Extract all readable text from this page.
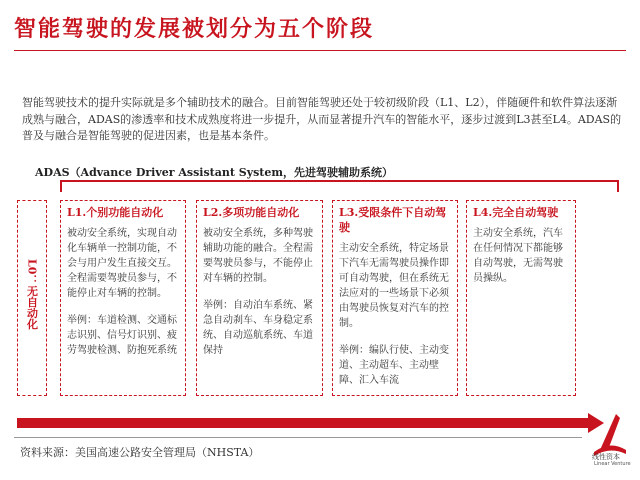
智能驾驶的发展被划分为五个阶段
智能驾驶技术的提升实际就是多个辅助技术的融合。目前智能驾驶还处于较初级阶段（L1、L2），伴随硬件和软件算法逐渐成熟与融合，ADAS的渗透率和技术成熟度将进一步提升，从而显著提升汽车的智能水平，逐步过渡到L3甚至L4。ADAS的普及与融合是智能驾驶的促进因素，也是基本条件。
ADAS（Advance Driver Assistant System，先进驾驶辅助系统）
L0：无自动化
L1.个别功能自动化

被动安全系统，实现自动化车辆单一控制功能，不会与用户发生直接交互。全程需要驾驶员参与，不能停止对车辆的控制。

举例：车道检测、交通标志识别、信号灯识别、疲劳驾驶检测、防抱死系统

L2.多项功能自动化

被动安全系统，多种驾驶辅助功能的融合。全程需要驾驶员参与，不能停止对车辆的控制。

举例：自动泊车系统、紧急自动刹车、车身稳定系统、自动巡航系统、车道保持

L3.受限条件下自动驾驶

主动安全系统，特定场景下汽车无需驾驶员操作即可自动驾驶，但在系统无法应对的一些场景下必须由驾驶员恢复对汽车的控制。

举例：编队行使、主动变道、主动超车、主动壁障、汇入车流

L4.完全自动驾驶

主动安全系统，汽车在任何情况下都能够自动驾驶，无需驾驶员操纵。

资料来源：美国高速公路安全管理局（NHSTA）	线性资本
Linear Venture
